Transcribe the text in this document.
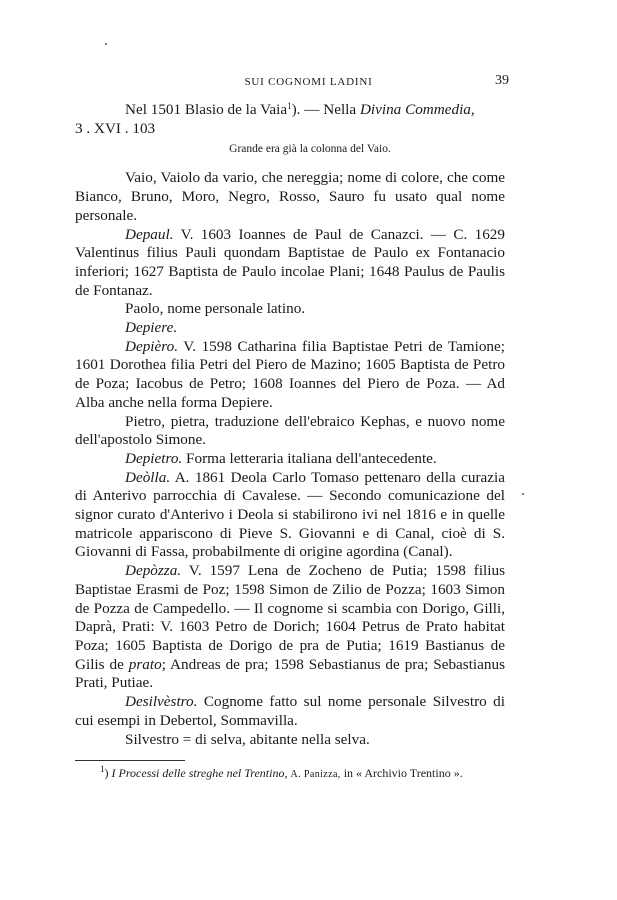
SUI COGNOMI LADINI	39

Nel 1501 Blasio de la Vaia$^1$). — Nella Divina Commedia,

3 . XVI . 103

Grande era già la colonna del Vaio.

Vaio, Vaiolo da vario, che nereggia; nome di colore, che come Bianco, Bruno, Moro, Negro, Rosso, Sauro fu usato qual nome personale.

Depaul. V. 1603 Ioannes de Paul de Canazci. — C. 1629 Valentinus filius Pauli quondam Baptistae de Paulo ex Fontanacio inferiori; 1627 Baptista de Paulo incolae Plani; 1648 Paulus de Paulis de Fontanaz.

Paolo, nome personale latino.

Depiere.

Depièro. V. 1598 Catharina filia Baptistae Petri de Tamione; 1601 Dorothea filia Petri del Piero de Mazino; 1605 Baptista de Petro de Poza; Iacobus de Petro; 1608 Ioannes del Piero de Poza. — Ad Alba anche nella forma Depiere.

Pietro, pietra, traduzione dell'ebraico Kephas, e nuovo nome dell'apostolo Simone.

Depietro. Forma letteraria italiana dell'antecedente.

Deòlla. A. 1861 Deola Carlo Tomaso pettenaro della curazia di Anterivo parrocchia di Cavalese. — Secondo comunicazione del signor curato d'Anterivo i Deola si stabilirono ivi nel 1816 e in quelle matricole appariscono di Pieve S. Giovanni e di Canal, cioè di S. Giovanni di Fassa, probabilmente di origine agordina (Canal).

Depòzza. V. 1597 Lena de Zocheno de Putia; 1598 filius Baptistae Erasmi de Poz; 1598 Simon de Zilio de Pozza; 1603 Simon de Pozza de Campedello. — Il cognome si scambia con Dorigo, Gilli, Daprà, Prati: V. 1603 Petro de Dorich; 1604 Petrus de Prato habitat Poza; 1605 Baptista de Dorigo de pra de Putia; 1619 Bastianus de Gilis de prato; Andreas de pra; 1598 Sebastianus de pra; Sebastianus Prati, Putiae.

Desilvèstro. Cognome fatto sul nome personale Silvestro di cui esempi in Debertol, Sommavilla.

Silvestro = di selva, abitante nella selva.

$^1$) I Processi delle streghe nel Trentino, A. Panizza, in « Archivio Trentino ».
